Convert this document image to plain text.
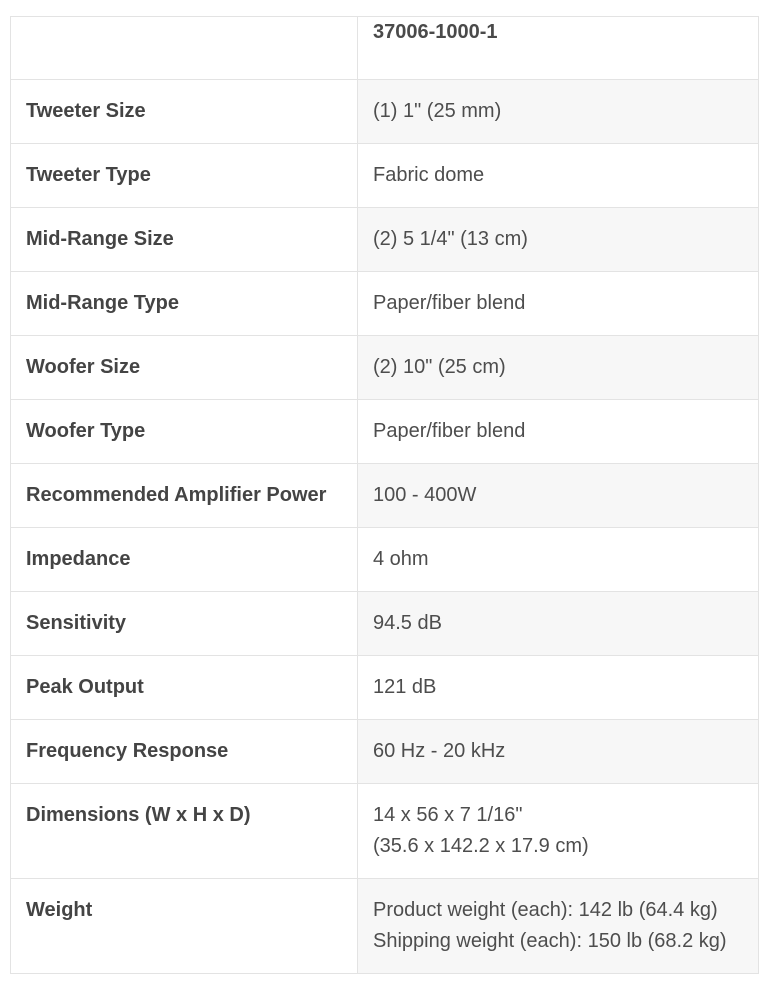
	37006-1000-1
Tweeter Size	(1) 1" (25 mm)

Tweeter Type	Fabric dome

Mid-Range Size	(2) 5 1/4" (13 cm)

Mid-Range Type	Paper/fiber blend

Woofer Size	(2) 10" (25 cm)

Woofer Type	Paper/fiber blend

Recommended Amplifier Power	100 - 400W

Impedance	4 ohm

Sensitivity	94.5 dB

Peak Output	121 dB

Frequency Response	60 Hz - 20 kHz

Dimensions (W x H x D)	14 x 56 x 7 1/16"
(35.6 x 142.2 x 17.9 cm)

Weight	Product weight (each): 142 lb (64.4 kg)
Shipping weight (each): 150 lb (68.2 kg)
